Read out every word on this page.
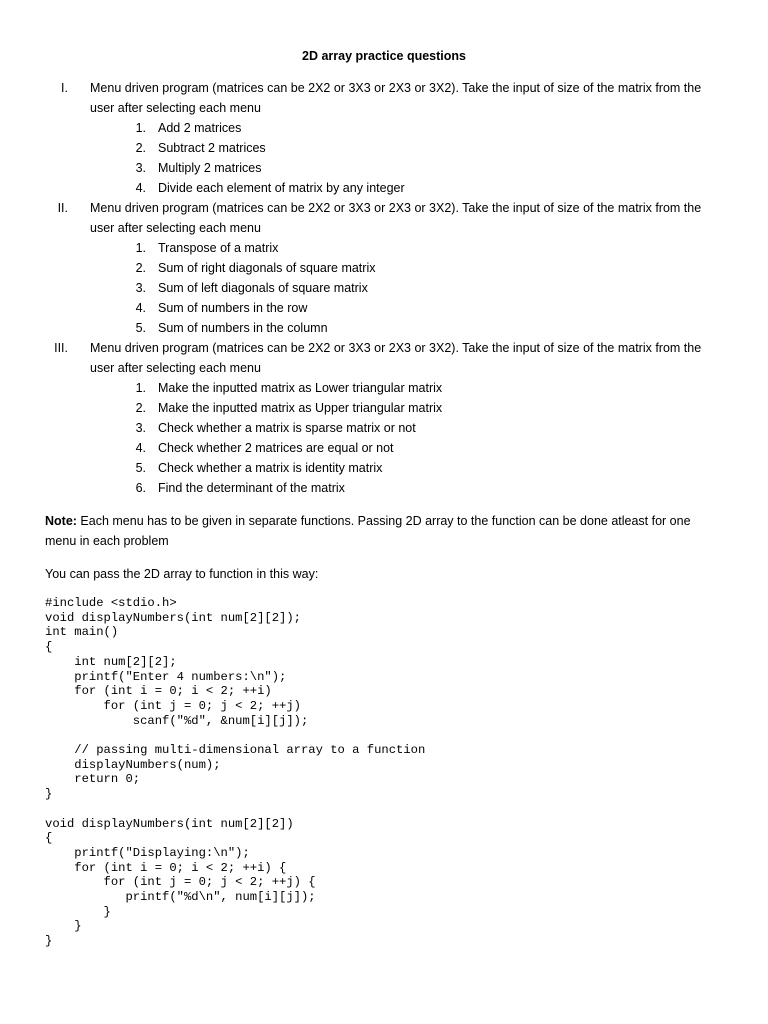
2D array practice questions
I. Menu driven program (matrices can be 2X2 or 3X3 or 2X3 or 3X2). Take the input of size of the matrix from the user after selecting each menu
1. Add 2 matrices
2. Subtract 2 matrices
3. Multiply 2 matrices
4. Divide each element of matrix by any integer
II. Menu driven program (matrices can be 2X2 or 3X3 or 2X3 or 3X2). Take the input of size of the matrix from the user after selecting each menu
1. Transpose of a matrix
2. Sum of right diagonals of square matrix
3. Sum of left diagonals of square matrix
4. Sum of numbers in the row
5. Sum of numbers in the column
III. Menu driven program (matrices can be 2X2 or 3X3 or 2X3 or 3X2). Take the input of size of the matrix from the user after selecting each menu
1. Make the inputted matrix as Lower triangular matrix
2. Make the inputted matrix as Upper triangular matrix
3. Check whether a matrix is sparse matrix or not
4. Check whether 2 matrices are equal or not
5. Check whether a matrix is identity matrix
6. Find the determinant of the matrix
Note: Each menu has to be given in separate functions. Passing 2D array to the function can be done atleast for one menu in each problem
You can pass the 2D array to function in this way:
#include <stdio.h>
void displayNumbers(int num[2][2]);
int main()
{
int num[2][2];
printf("Enter 4 numbers:\n");
for (int i = 0; i < 2; ++i)
for (int j = 0; j < 2; ++j)
scanf("%d", &num[i][j]);

// passing multi-dimensional array to a function
displayNumbers(num);
return 0;
}

void displayNumbers(int num[2][2])
{
printf("Displaying:\n");
for (int i = 0; i < 2; ++i) {
for (int j = 0; j < 2; ++j) {
printf("%d\n", num[i][j]);
}
}
}
